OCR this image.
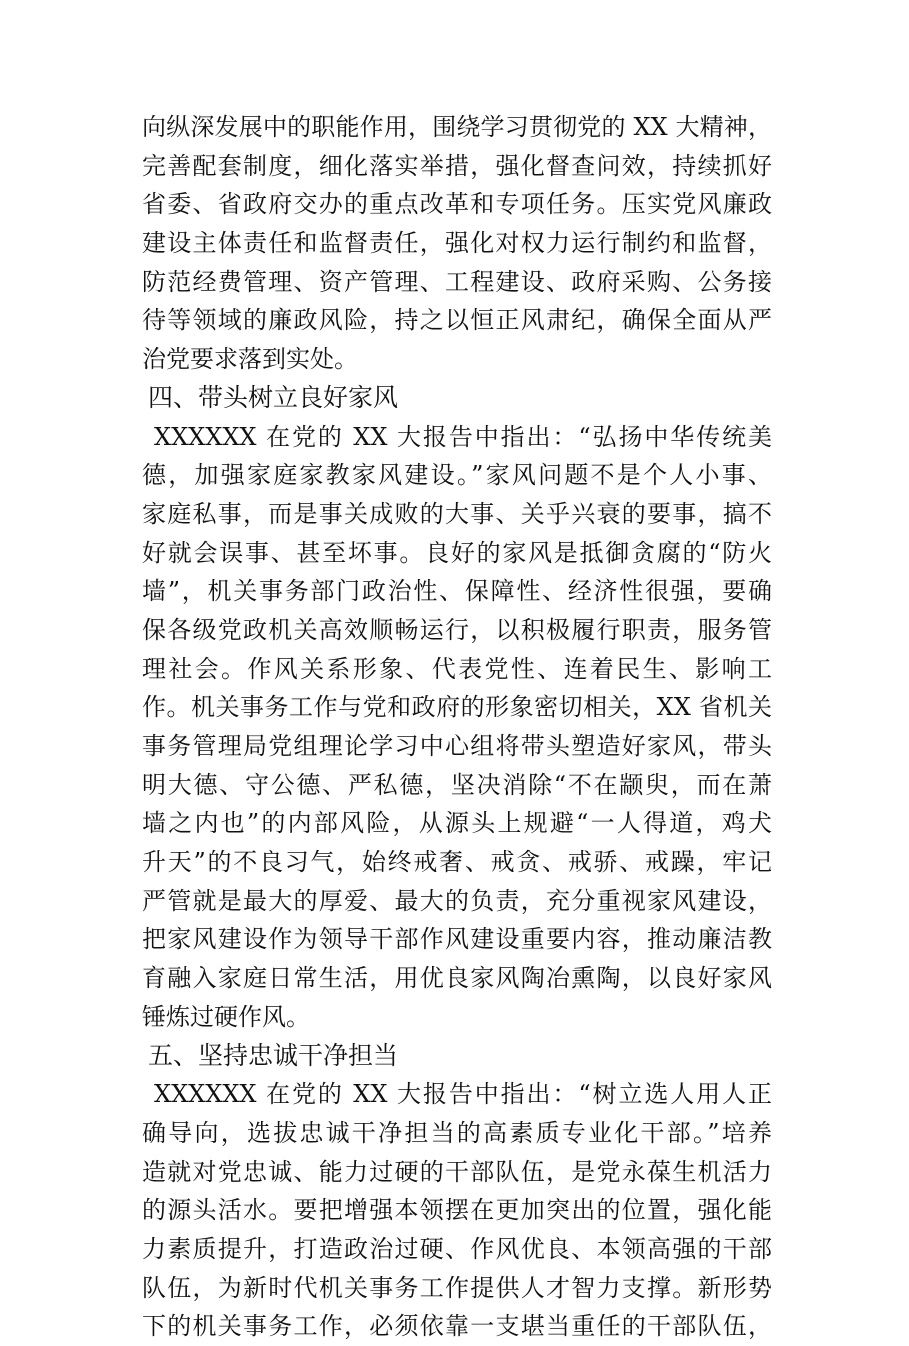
向纵深发展中的职能作用，围绕学习贯彻党的 XX 大精神，
完善配套制度，细化落实举措，强化督查问效，持续抓好
省委、省政府交办的重点改革和专项任务。压实党风廉政
建设主体责任和监督责任，强化对权力运行制约和监督，
防范经费管理、资产管理、工程建设、政府采购、公务接
待等领域的廉政风险，持之以恒正风肃纪，确保全面从严
治党要求落到实处。
四、带头树立良好家风
XXXXXX 在党的 XX 大报告中指出：“弘扬中华传统美
德，加强家庭家教家风建设。”家风问题不是个人小事、
家庭私事，而是事关成败的大事、关乎兴衰的要事，搞不
好就会误事、甚至坏事。良好的家风是抵御贪腐的“防火
墙”，机关事务部门政治性、保障性、经济性很强，要确
保各级党政机关高效顺畅运行，以积极履行职责，服务管
理社会。作风关系形象、代表党性、连着民生、影响工
作。机关事务工作与党和政府的形象密切相关，XX 省机关
事务管理局党组理论学习中心组将带头塑造好家风，带头
明大德、守公德、严私德，坚决消除“不在颛臾，而在萧
墙之内也”的内部风险，从源头上规避“一人得道，鸡犬
升天”的不良习气，始终戒奢、戒贪、戒骄、戒躁，牢记
严管就是最大的厚爱、最大的负责，充分重视家风建设，
把家风建设作为领导干部作风建设重要内容，推动廉洁教
育融入家庭日常生活，用优良家风陶冶熏陶，以良好家风
锤炼过硬作风。
五、坚持忠诚干净担当
XXXXXX 在党的 XX 大报告中指出：“树立选人用人正
确导向，选拔忠诚干净担当的高素质专业化干部。”培养
造就对党忠诚、能力过硬的干部队伍，是党永葆生机活力
的源头活水。要把增强本领摆在更加突出的位置，强化能
力素质提升，打造政治过硬、作风优良、本领高强的干部
队伍，为新时代机关事务工作提供人才智力支撑。新形势
下的机关事务工作，必须依靠一支堪当重任的干部队伍，
